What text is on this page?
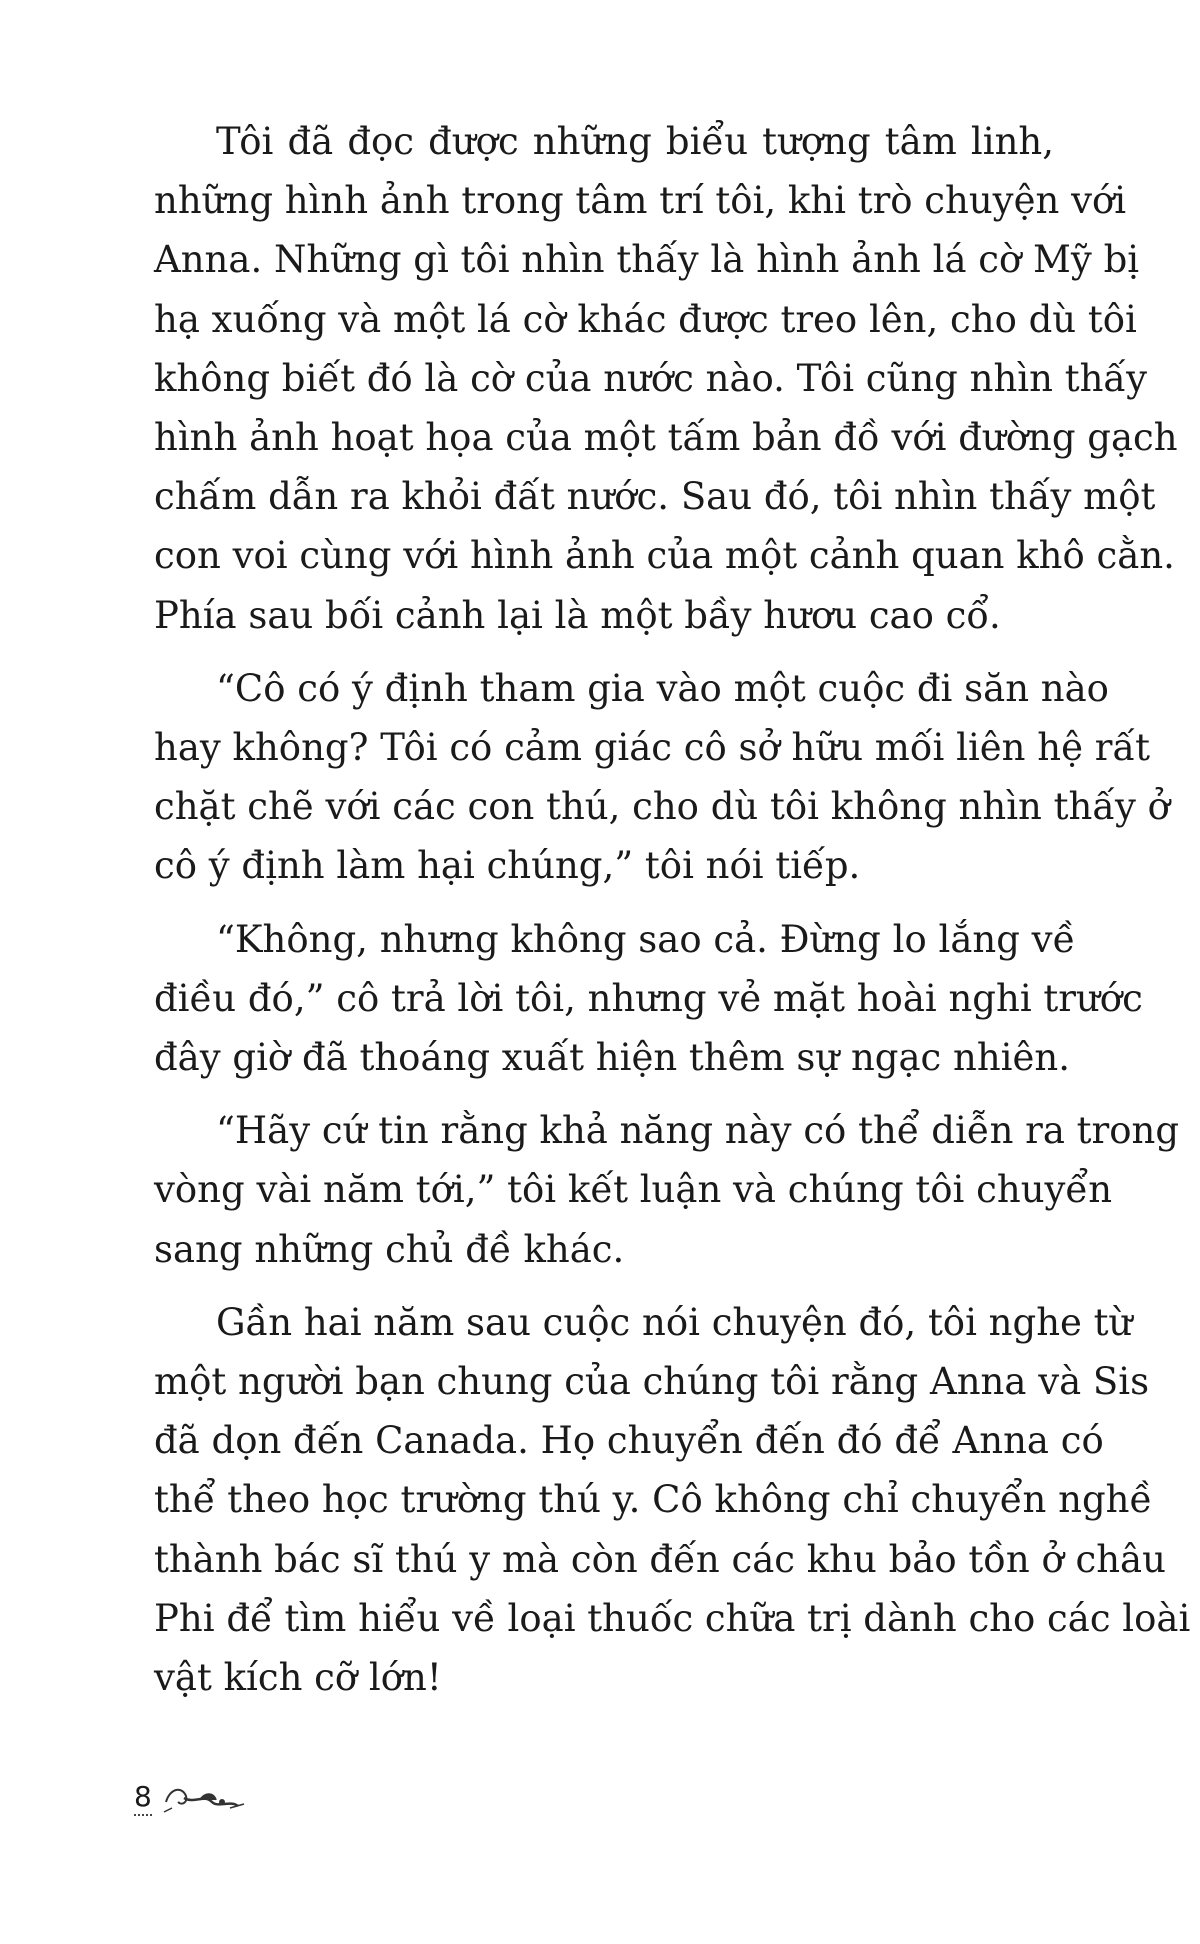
Tôi đã đọc được những biểu tượng tâm linh,
những hình ảnh trong tâm trí tôi, khi trò chuyện với
Anna. Những gì tôi nhìn thấy là hình ảnh lá cờ Mỹ bị
hạ xuống và một lá cờ khác được treo lên, cho dù tôi
không biết đó là cờ của nước nào. Tôi cũng nhìn thấy
hình ảnh hoạt họa của một tấm bản đồ với đường gạch
chấm dẫn ra khỏi đất nước. Sau đó, tôi nhìn thấy một
con voi cùng với hình ảnh của một cảnh quan khô cằn.
Phía sau bối cảnh lại là một bầy hươu cao cổ.
“Cô có ý định tham gia vào một cuộc đi săn nào
hay không? Tôi có cảm giác cô sở hữu mối liên hệ rất
chặt chẽ với các con thú, cho dù tôi không nhìn thấy ở
cô ý định làm hại chúng,” tôi nói tiếp.
“Không, nhưng không sao cả. Đừng lo lắng về
điều đó,” cô trả lời tôi, nhưng vẻ mặt hoài nghi trước
đây giờ đã thoáng xuất hiện thêm sự ngạc nhiên.
“Hãy cứ tin rằng khả năng này có thể diễn ra trong
vòng vài năm tới,” tôi kết luận và chúng tôi chuyển
sang những chủ đề khác.
Gần hai năm sau cuộc nói chuyện đó, tôi nghe từ
một người bạn chung của chúng tôi rằng Anna và Sis
đã dọn đến Canada. Họ chuyển đến đó để Anna có
thể theo học trường thú y. Cô không chỉ chuyển nghề
thành bác sĩ thú y mà còn đến các khu bảo tồn ở châu
Phi để tìm hiểu về loại thuốc chữa trị dành cho các loài
vật kích cỡ lớn!
8
